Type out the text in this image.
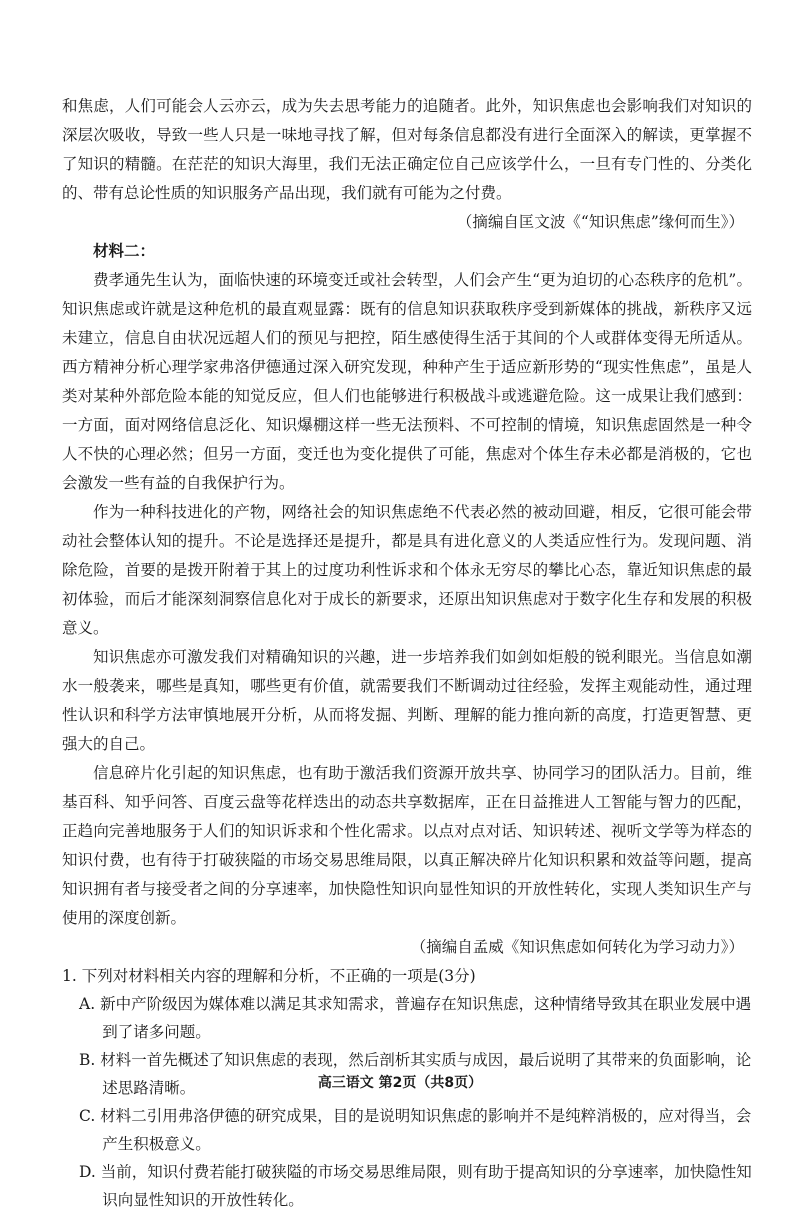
和焦虑，人们可能会人云亦云，成为失去思考能力的追随者。此外，知识焦虑也会影响我们对知识的深层次吸收，导致一些人只是一味地寻找了解，但对每条信息都没有进行全面深入的解读，更掌握不了知识的精髓。在茫茫的知识大海里，我们无法正确定位自己应该学什么，一旦有专门性的、分类化的、带有总论性质的知识服务产品出现，我们就有可能为之付费。

（摘编自匡文波《“知识焦虑”缘何而生》）

材料二：

费孝通先生认为，面临快速的环境变迁或社会转型，人们会产生“更为迫切的心态秩序的危机”。知识焦虑或许就是这种危机的最直观显露：既有的信息知识获取秩序受到新媒体的挑战，新秩序又远未建立，信息自由状况远超人们的预见与把控，陌生感使得生活于其间的个人或群体变得无所适从。西方精神分析心理学家弗洛伊德通过深入研究发现，种种产生于适应新形势的“现实性焦虑”，虽是人类对某种外部危险本能的知觉反应，但人们也能够进行积极战斗或逃避危险。这一成果让我们感到：一方面，面对网络信息泛化、知识爆棚这样一些无法预料、不可控制的情境，知识焦虑固然是一种令人不快的心理必然；但另一方面，变迁也为变化提供了可能，焦虑对个体生存未必都是消极的，它也会激发一些有益的自我保护行为。

作为一种科技进化的产物，网络社会的知识焦虑绝不代表必然的被动回避，相反，它很可能会带动社会整体认知的提升。不论是选择还是提升，都是具有进化意义的人类适应性行为。发现问题、消除危险，首要的是拨开附着于其上的过度功利性诉求和个体永无穷尽的攀比心态，靠近知识焦虑的最初体验，而后才能深刻洞察信息化对于成长的新要求，还原出知识焦虑对于数字化生存和发展的积极意义。

知识焦虑亦可激发我们对精确知识的兴趣，进一步培养我们如剑如炬般的锐利眼光。当信息如潮水一般袭来，哪些是真知，哪些更有价值，就需要我们不断调动过往经验，发挥主观能动性，通过理性认识和科学方法审慎地展开分析，从而将发掘、判断、理解的能力推向新的高度，打造更智慧、更强大的自己。

信息碎片化引起的知识焦虑，也有助于激活我们资源开放共享、协同学习的团队活力。目前，维基百科、知乎问答、百度云盘等花样迭出的动态共享数据库，正在日益推进人工智能与智力的匹配，正趋向完善地服务于人们的知识诉求和个性化需求。以点对点对话、知识转述、视听文学等为样态的知识付费，也有待于打破狭隘的市场交易思维局限，以真正解决碎片化知识积累和效益等问题，提高知识拥有者与接受者之间的分享速率，加快隐性知识向显性知识的开放性转化，实现人类知识生产与使用的深度创新。

（摘编自孟威《知识焦虑如何转化为学习动力》）

1. 下列对材料相关内容的理解和分析，不正确的一项是(3分)

A. 新中产阶级因为媒体难以满足其求知需求，普遍存在知识焦虑，这种情绪导致其在职业发展中遇到了诸多问题。

B. 材料一首先概述了知识焦虑的表现，然后剖析其实质与成因，最后说明了其带来的负面影响，论述思路清晰。

C. 材料二引用弗洛伊德的研究成果，目的是说明知识焦虑的影响并不是纯粹消极的，应对得当，会产生积极意义。

D. 当前，知识付费若能打破狭隘的市场交易思维局限，则有助于提高知识的分享速率，加快隐性知识向显性知识的开放性转化。

高三语文 第2页（共8页）
